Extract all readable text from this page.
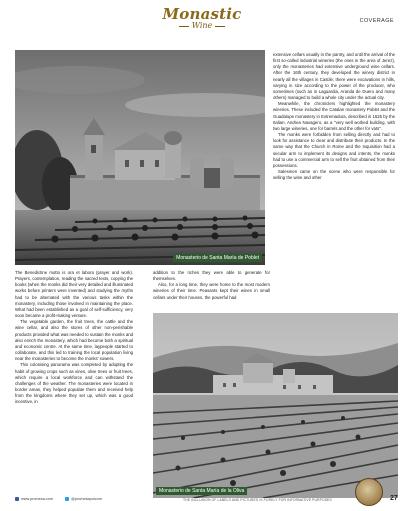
Monastic
Wine	COVERAGE
Monasterio de Santa María de Poblet

extensive cellars usually in the pantry, and until the arrival of the first so-called industrial wineries (the ones in the area of Jerez), only the monasteries had extensive underground wine cellars. After the 16th century, they developed the winery district in nearly all the villages in Castile; there were excavations in hills, varying in size according to the power of the producer, who sometimes (such as in Laguardia, Aranda de Duero and many others) managed to build a whole city under the actual city.

Meanwhile, the chroniclers highlighted the monastery wineries. These included the Catalan monastery Poblet and the Guadalupe monastery in Extremadura, described in 1525 by the Italian, Andrea Navagero, as a "very well worked building, with two large wineries, one for barrels and the other for vats".

The monks were forbidden from selling directly and had to look for assistance to clear and distribute their products. In the same way that the Church in Rome and the Inquisition had a secular arm to implement its designs and intents, the monks had to use a commercial arm to sell the fruit obtained from their possessions.

Salesmen came on the scene who were responsible for selling the wine and other

The Benedictine motto is ora et labora (prayer and work). Prayers, contemplation, reading the sacred texts, copying the books (when the monks did their very detailed and illuminated works before printers were invented) and studying the myths had to be alternated with the various tasks within the monastery, including those involved in maintaining the place. What had been established as a goal of self-sufficiency, very soon became a profit-making venture.

The vegetable garden, the fruit trees, the cattle and the wine cellar, and also the stores of other non-perishable products provided what was needed to sustain the monks and also enrich the monastery, which had become both a spiritual and economic centre. At the same time, laypeople started to collaborate, and this led to training the local population living near the monasteries to become the monks' sowers.

This colonising panorama was completed by adopting the habit of growing crops such as vines, olive trees or fruit trees, which require a local workforce and can withstand the challenges of the weather. The monasteries were located in border areas, they helped populate them and received help from the kingdoms where they set up, which was a good incentive, in

addition to the riches they were able to generate for themselves.

Also, for a long time, they were home to the most modern wineries of their time. Peasants kept their wines in small cellars under their houses, the powerful had

Monasterio de Santa María de la Oliva
www.promesa.com	@promesapulcom	THE INCLUSION OF LABELS AND PICTURES IS PURELY FOR INFORMATIVE PURPOSES	27
